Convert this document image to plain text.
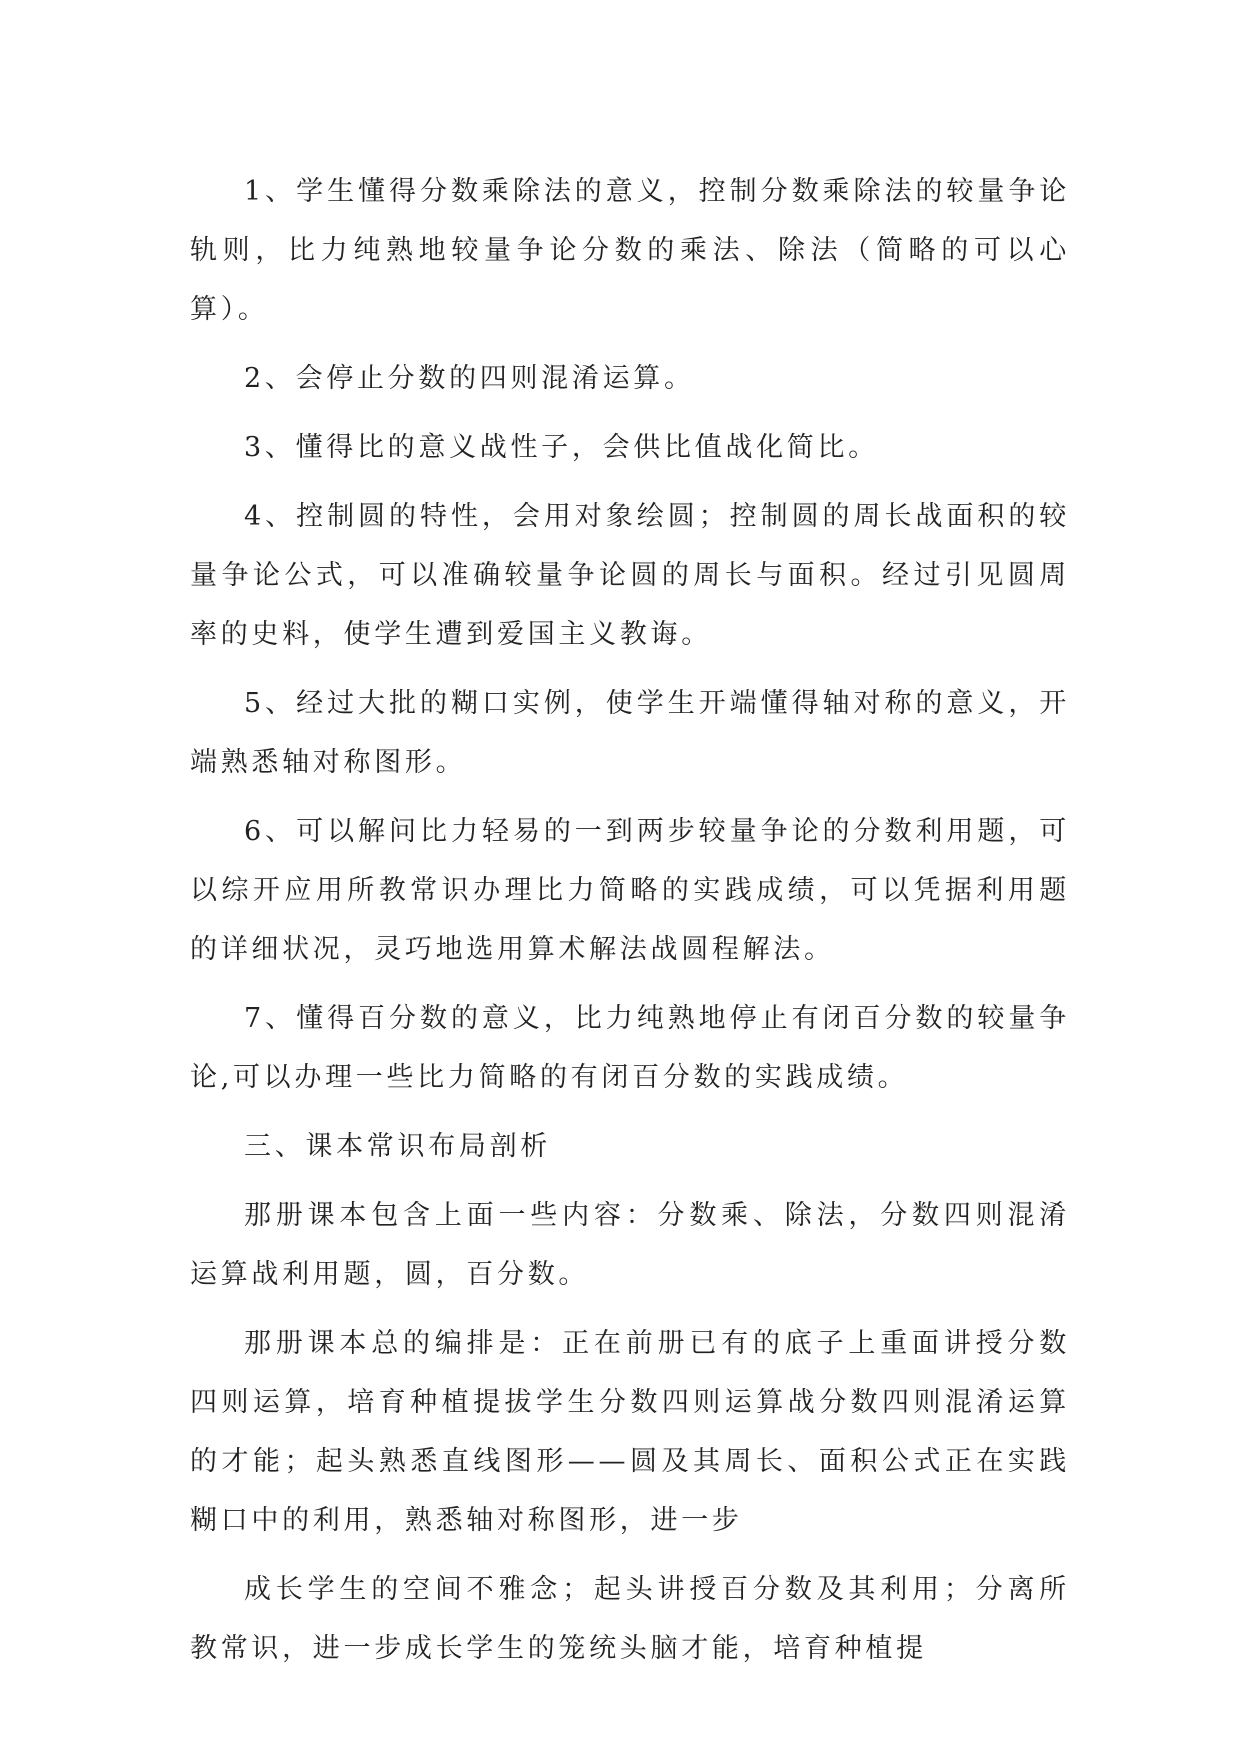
1、学生懂得分数乘除法的意义，控制分数乘除法的较量争论轨则，比力纯熟地较量争论分数的乘法、除法（简略的可以心算）。

2、会停止分数的四则混淆运算。

3、懂得比的意义战性子，会供比值战化简比。

4、控制圆的特性，会用对象绘圆；控制圆的周长战面积的较量争论公式，可以准确较量争论圆的周长与面积。经过引见圆周率的史料，使学生遭到爱国主义教诲。

5、经过大批的糊口实例，使学生开端懂得轴对称的意义，开端熟悉轴对称图形。

6、可以解问比力轻易的一到两步较量争论的分数利用题，可以综开应用所教常识办理比力简略的实践成绩，可以凭据利用题的详细状况，灵巧地选用算术解法战圆程解法。

7、懂得百分数的意义，比力纯熟地停止有闭百分数的较量争论,可以办理一些比力简略的有闭百分数的实践成绩。

三、课本常识布局剖析

那册课本包含上面一些内容：分数乘、除法，分数四则混淆运算战利用题，圆，百分数。

那册课本总的编排是：正在前册已有的底子上重面讲授分数四则运算，培育种植提拔学生分数四则运算战分数四则混淆运算的才能；起头熟悉直线图形——圆及其周长、面积公式正在实践糊口中的利用，熟悉轴对称图形，进一步

成长学生的空间不雅念；起头讲授百分数及其利用；分离所教常识，进一步成长学生的笼统头脑才能，培育种植提
